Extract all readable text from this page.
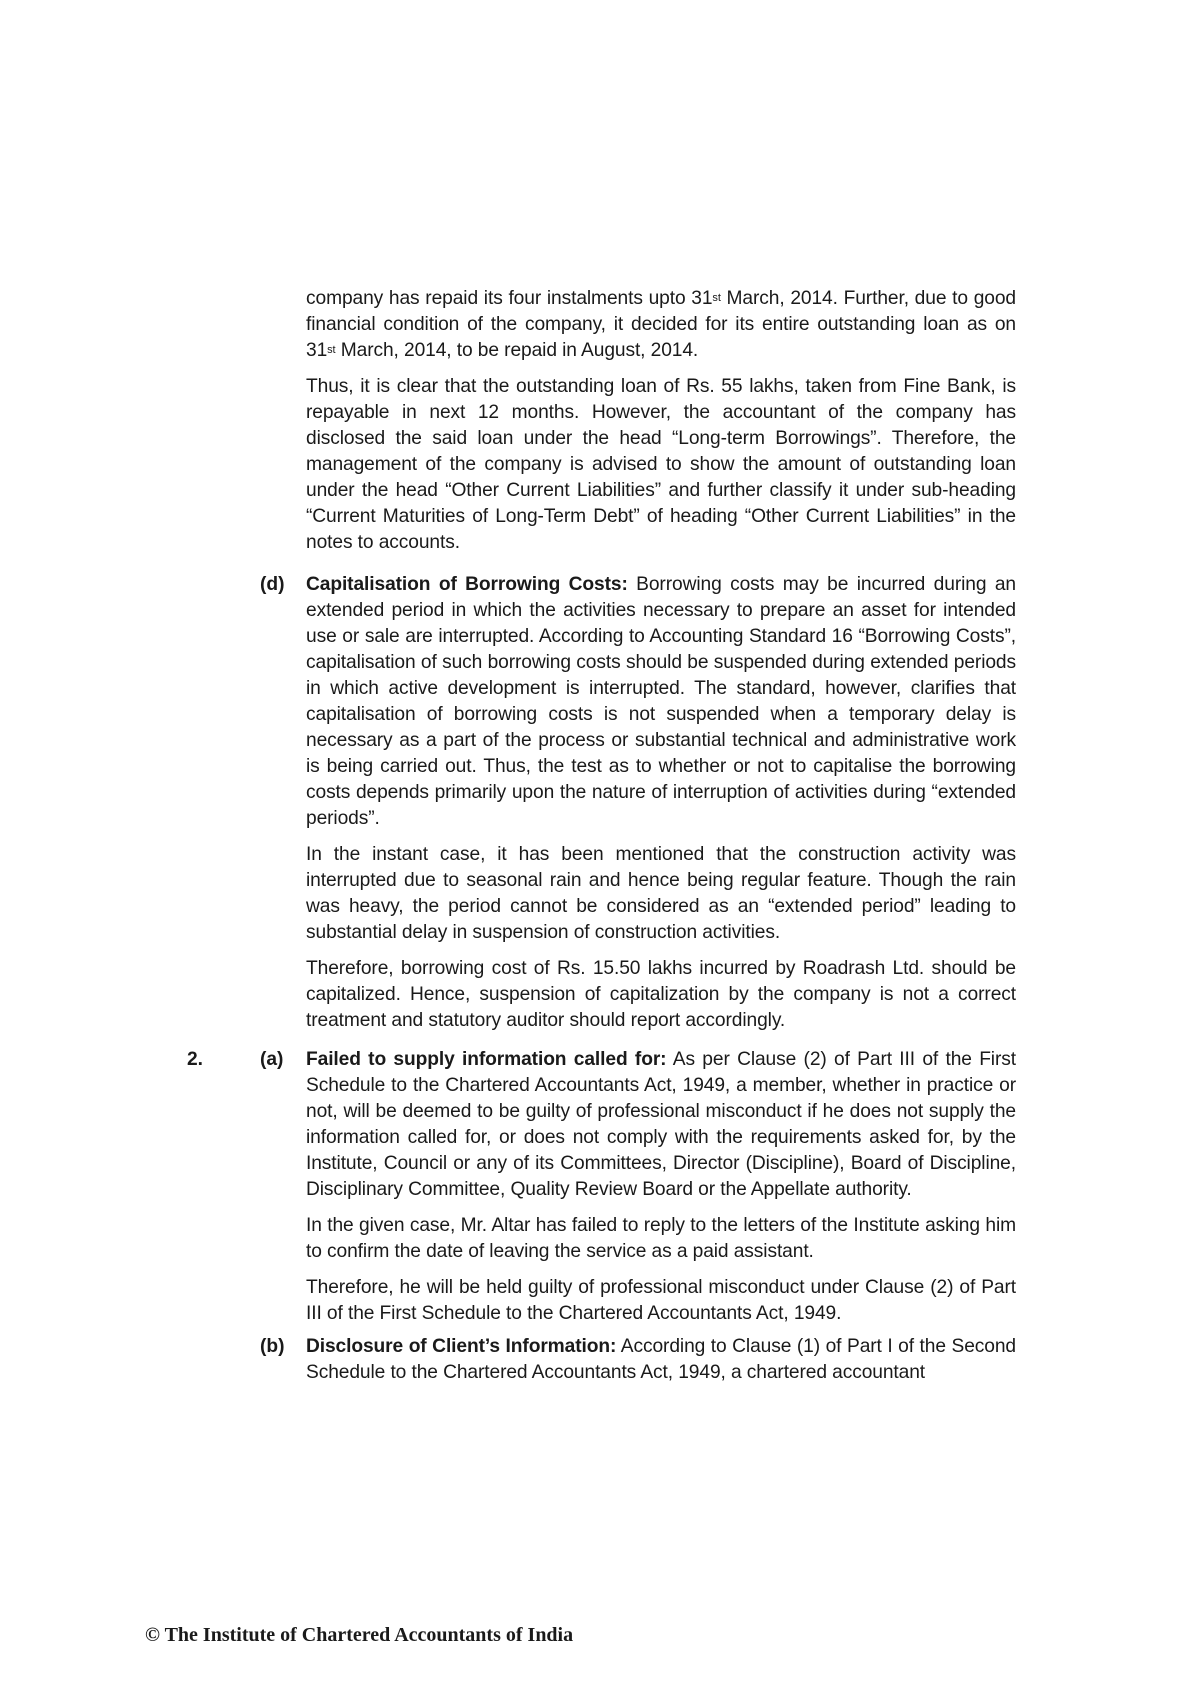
company has repaid its four instalments upto 31st March, 2014. Further, due to good financial condition of the company, it decided for its entire outstanding loan as on 31st March, 2014, to be repaid in August, 2014.

Thus, it is clear that the outstanding loan of Rs. 55 lakhs, taken from Fine Bank, is repayable in next 12 months. However, the accountant of the company has disclosed the said loan under the head “Long-term Borrowings”. Therefore, the management of the company is advised to show the amount of outstanding loan under the head “Other Current Liabilities” and further classify it under sub-heading “Current Maturities of Long-Term Debt” of heading “Other Current Liabilities” in the notes to accounts.

(d) Capitalisation of Borrowing Costs: Borrowing costs may be incurred during an extended period in which the activities necessary to prepare an asset for intended use or sale are interrupted. According to Accounting Standard 16 “Borrowing Costs”, capitalisation of such borrowing costs should be suspended during extended periods in which active development is interrupted. The standard, however, clarifies that capitalisation of borrowing costs is not suspended when a temporary delay is necessary as a part of the process or substantial technical and administrative work is being carried out. Thus, the test as to whether or not to capitalise the borrowing costs depends primarily upon the nature of interruption of activities during “extended periods”.

In the instant case, it has been mentioned that the construction activity was interrupted due to seasonal rain and hence being regular feature. Though the rain was heavy, the period cannot be considered as an “extended period” leading to substantial delay in suspension of construction activities.

Therefore, borrowing cost of Rs. 15.50 lakhs incurred by Roadrash Ltd. should be capitalized. Hence, suspension of capitalization by the company is not a correct treatment and statutory auditor should report accordingly.

2.	(a) Failed to supply information called for: As per Clause (2) of Part III of the First Schedule to the Chartered Accountants Act, 1949, a member, whether in practice or not, will be deemed to be guilty of professional misconduct if he does not supply the information called for, or does not comply with the requirements asked for, by the Institute, Council or any of its Committees, Director (Discipline), Board of Discipline, Disciplinary Committee, Quality Review Board or the Appellate authority.

In the given case, Mr. Altar has failed to reply to the letters of the Institute asking him to confirm the date of leaving the service as a paid assistant.

Therefore, he will be held guilty of professional misconduct under Clause (2) of Part III of the First Schedule to the Chartered Accountants Act, 1949.

(b) Disclosure of Client’s Information: According to Clause (1) of Part I of the Second Schedule to the Chartered Accountants Act, 1949, a chartered accountant

© The Institute of Chartered Accountants of India
